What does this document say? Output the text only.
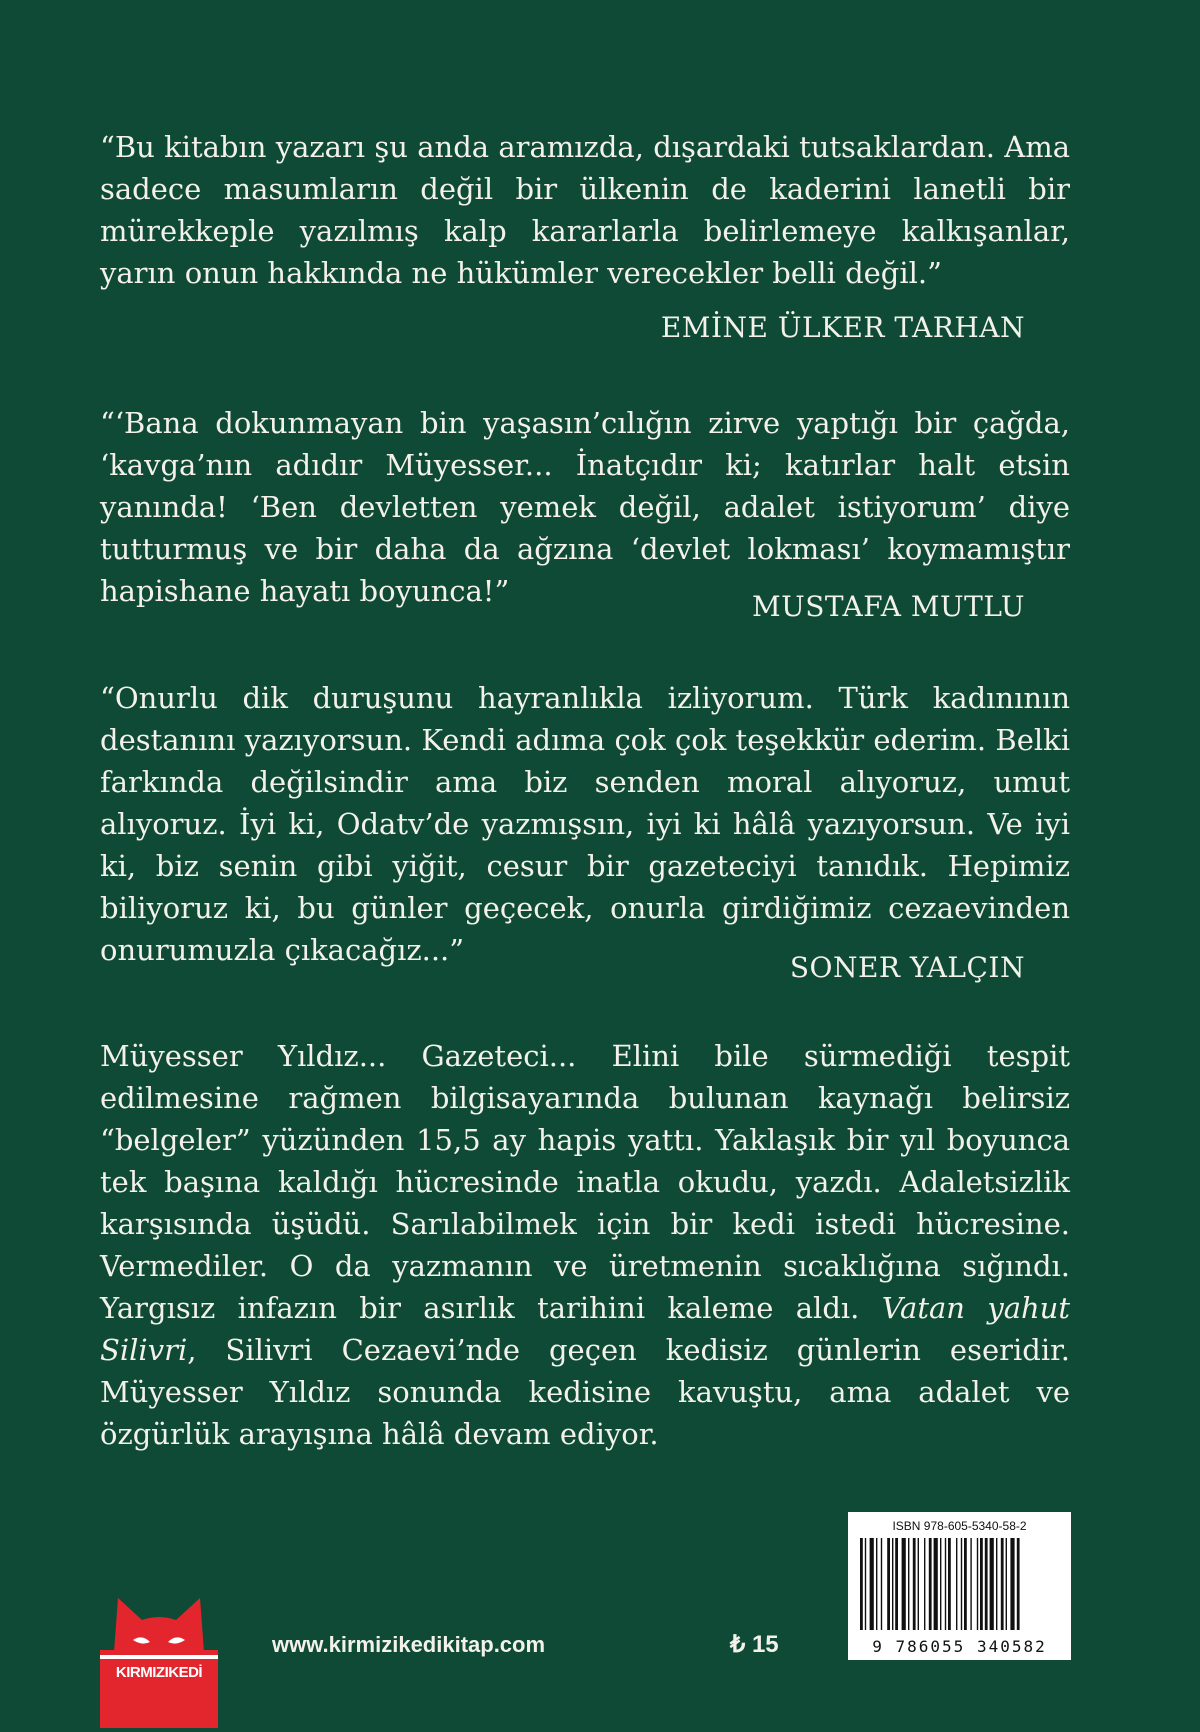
“Bu kitabın yazarı şu anda aramızda, dışardaki tutsaklardan. Ama sadece masumların değil bir ülkenin de kaderini lanetli bir mürekkeple yazılmış kalp kararlarla belirlemeye kalkışanlar, yarın onun hakkında ne hükümler verecekler belli değil.”

EMİNE ÜLKER TARHAN

“‘Bana dokunmayan bin yaşasın’cılığın zirve yaptığı bir çağda, ‘kavga’nın adıdır Müyesser... İnatçıdır ki; katırlar halt etsin yanında! ‘Ben devletten yemek değil, adalet istiyorum’ diye tutturmuş ve bir daha da ağzına ‘devlet lokması’ koymamıştır hapishane hayatı boyunca!”	MUSTAFA MUTLU

“Onurlu dik duruşunu hayranlıkla izliyorum. Türk kadınının destanını yazıyorsun. Kendi adıma çok çok teşekkür ederim. Belki farkında değilsindir ama biz senden moral alıyoruz, umut alıyoruz. İyi ki, Odatv’de yazmışsın, iyi ki hâlâ yazıyorsun. Ve iyi ki, biz senin gibi yiğit, cesur bir gazeteciyi tanıdık. Hepimiz biliyoruz ki, bu günler geçecek, onurla girdiğimiz cezaevinden onurumuzla çıkacağız...”

SONER YALÇIN

Müyesser Yıldız... Gazeteci... Elini bile sürmediği tespit edilmesine rağmen bilgisayarında bulunan kaynağı belirsiz “belgeler” yüzünden 15,5 ay hapis yattı. Yaklaşık bir yıl boyunca tek başına kaldığı hücresinde inatla okudu, yazdı. Adaletsizlik karşısında üşüdü. Sarılabilmek için bir kedi istedi hücresine. Vermediler. O da yazmanın ve üretmenin sıcaklığına sığındı. Yargısız infazın bir asırlık tarihini kaleme aldı. Vatan yahut Silivri, Silivri Cezaevi’nde geçen kedisiz günlerin eseridir. Müyesser Yıldız sonunda kedisine kavuştu, ama adalet ve özgürlük arayışına hâlâ devam ediyor.

KIRMIZIKEDİ
www.kirmizikedikitap.com	₺ 15
ISBN 978-605-5340-58-2
9 786055 340582
